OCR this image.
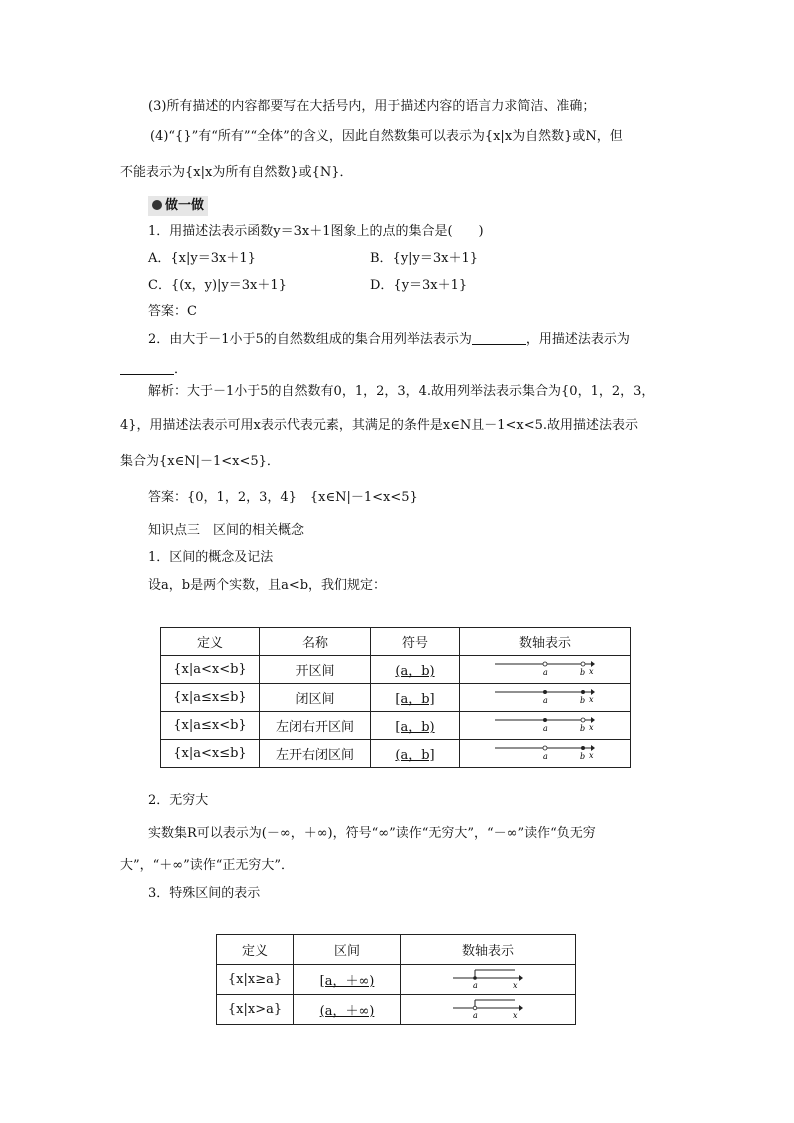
(3)所有描述的内容都要写在大括号内，用于描述内容的语言力求简洁、准确；
(4)“{}”有“所有”“全体”的含义，因此自然数集可以表示为{x|x为自然数}或N，但
不能表示为{x|x为所有自然数}或{N}．
做一做
1．用描述法表示函数y＝3x＋1图象上的点的集合是(　　)
A．{x|y＝3x＋1}	B．{y|y＝3x＋1}
C．{(x，y)|y＝3x＋1}	D．{y＝3x＋1}
答案：C
2．由大于－1小于5的自然数组成的集合用列举法表示为	，用描述法表示为
．
解析：大于－1小于5的自然数有0，1，2，3，4.故用列举法表示集合为{0，1，2，3，
4}，用描述法表示可用x表示代表元素，其满足的条件是x∈N且－1<x<5.故用描述法表示
集合为{x∈N|－1<x<5}．
答案：{0，1，2，3，4}　{x∈N|－1<x<5}
知识点三　区间的相关概念
1．区间的概念及记法
设a，b是两个实数，且a<b，我们规定：
定义	名称	符号	数轴表示
{x|a<x<b}	开区间	(a，b)	a b x

{x|a≤x≤b}	闭区间	[a，b]	a b x

{x|a≤x<b}	左闭右开区间	[a，b)	a b x

{x|a<x≤b}	左开右闭区间	(a，b]	a b x
2．无穷大
实数集R可以表示为(－∞，＋∞)，符号“∞”读作“无穷大”，“－∞”读作“负无穷
大”，“＋∞”读作“正无穷大”．
3．特殊区间的表示
定义	区间	数轴表示
{x|x≥a}	[a，＋∞)	a x

{x|x>a}	(a，＋∞)	a x
